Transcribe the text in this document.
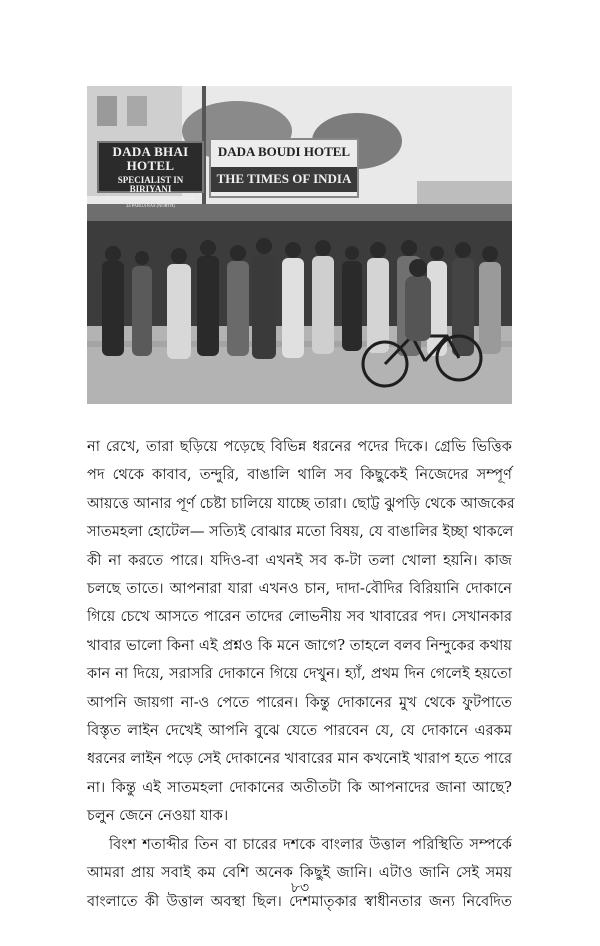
DADA BHAI HOTEL
SPECIALIST IN BIRIYANI
NO. 1 GHOSHPARA ROAD, BARRACKPORE
24 PARGANAS (NORTH)
DADA BOUDI HOTEL
THE TIMES OF INDIA
না রেখে, তারা ছড়িয়ে পড়েছে বিভিন্ন ধরনের পদের দিকে। গ্রেভি ভিত্তিক
পদ থেকে কাবাব, তন্দুরি, বাঙালি থালি সব কিছুকেই নিজেদের সম্পূর্ণ
আয়ত্তে আনার পূর্ণ চেষ্টা চালিয়ে যাচ্ছে তারা। ছোট্ট ঝুপড়ি থেকে আজকের
সাতমহলা হোটেল— সত্যিই বোঝার মতো বিষয়, যে বাঙালির ইচ্ছা থাকলে
কী না করতে পারে। যদিও-বা এখনই সব ক-টা তলা খোলা হয়নি। কাজ
চলছে তাতে। আপনারা যারা এখনও চান, দাদা-বৌদির বিরিয়ানি দোকানে
গিয়ে চেখে আসতে পারেন তাদের লোভনীয় সব খাবারের পদ। সেখানকার
খাবার ভালো কিনা এই প্রশ্নও কি মনে জাগে? তাহলে বলব নিন্দুকের কথায়
কান না দিয়ে, সরাসরি দোকানে গিয়ে দেখুন। হ্যাঁ, প্রথম দিন গেলেই হয়তো
আপনি জায়গা না-ও পেতে পারেন। কিন্তু দোকানের মুখ থেকে ফুটপাতে
বিস্তৃত লাইন দেখেই আপনি বুঝে যেতে পারবেন যে, যে দোকানে এরকম
ধরনের লাইন পড়ে সেই দোকানের খাবারের মান কখনোই খারাপ হতে পারে
না। কিন্তু এই সাতমহলা দোকানের অতীতটা কি আপনাদের জানা আছে?
চলুন জেনে নেওয়া যাক।
বিংশ শতাব্দীর তিন বা চারের দশকে বাংলার উত্তাল পরিস্থিতি সম্পর্কে
আমরা প্রায় সবাই কম বেশি অনেক কিছুই জানি। এটাও জানি সেই সময়
বাংলাতে কী উত্তাল অবস্থা ছিল। দেশমাতৃকার স্বাধীনতার জন্য নিবেদিত
৮৩
